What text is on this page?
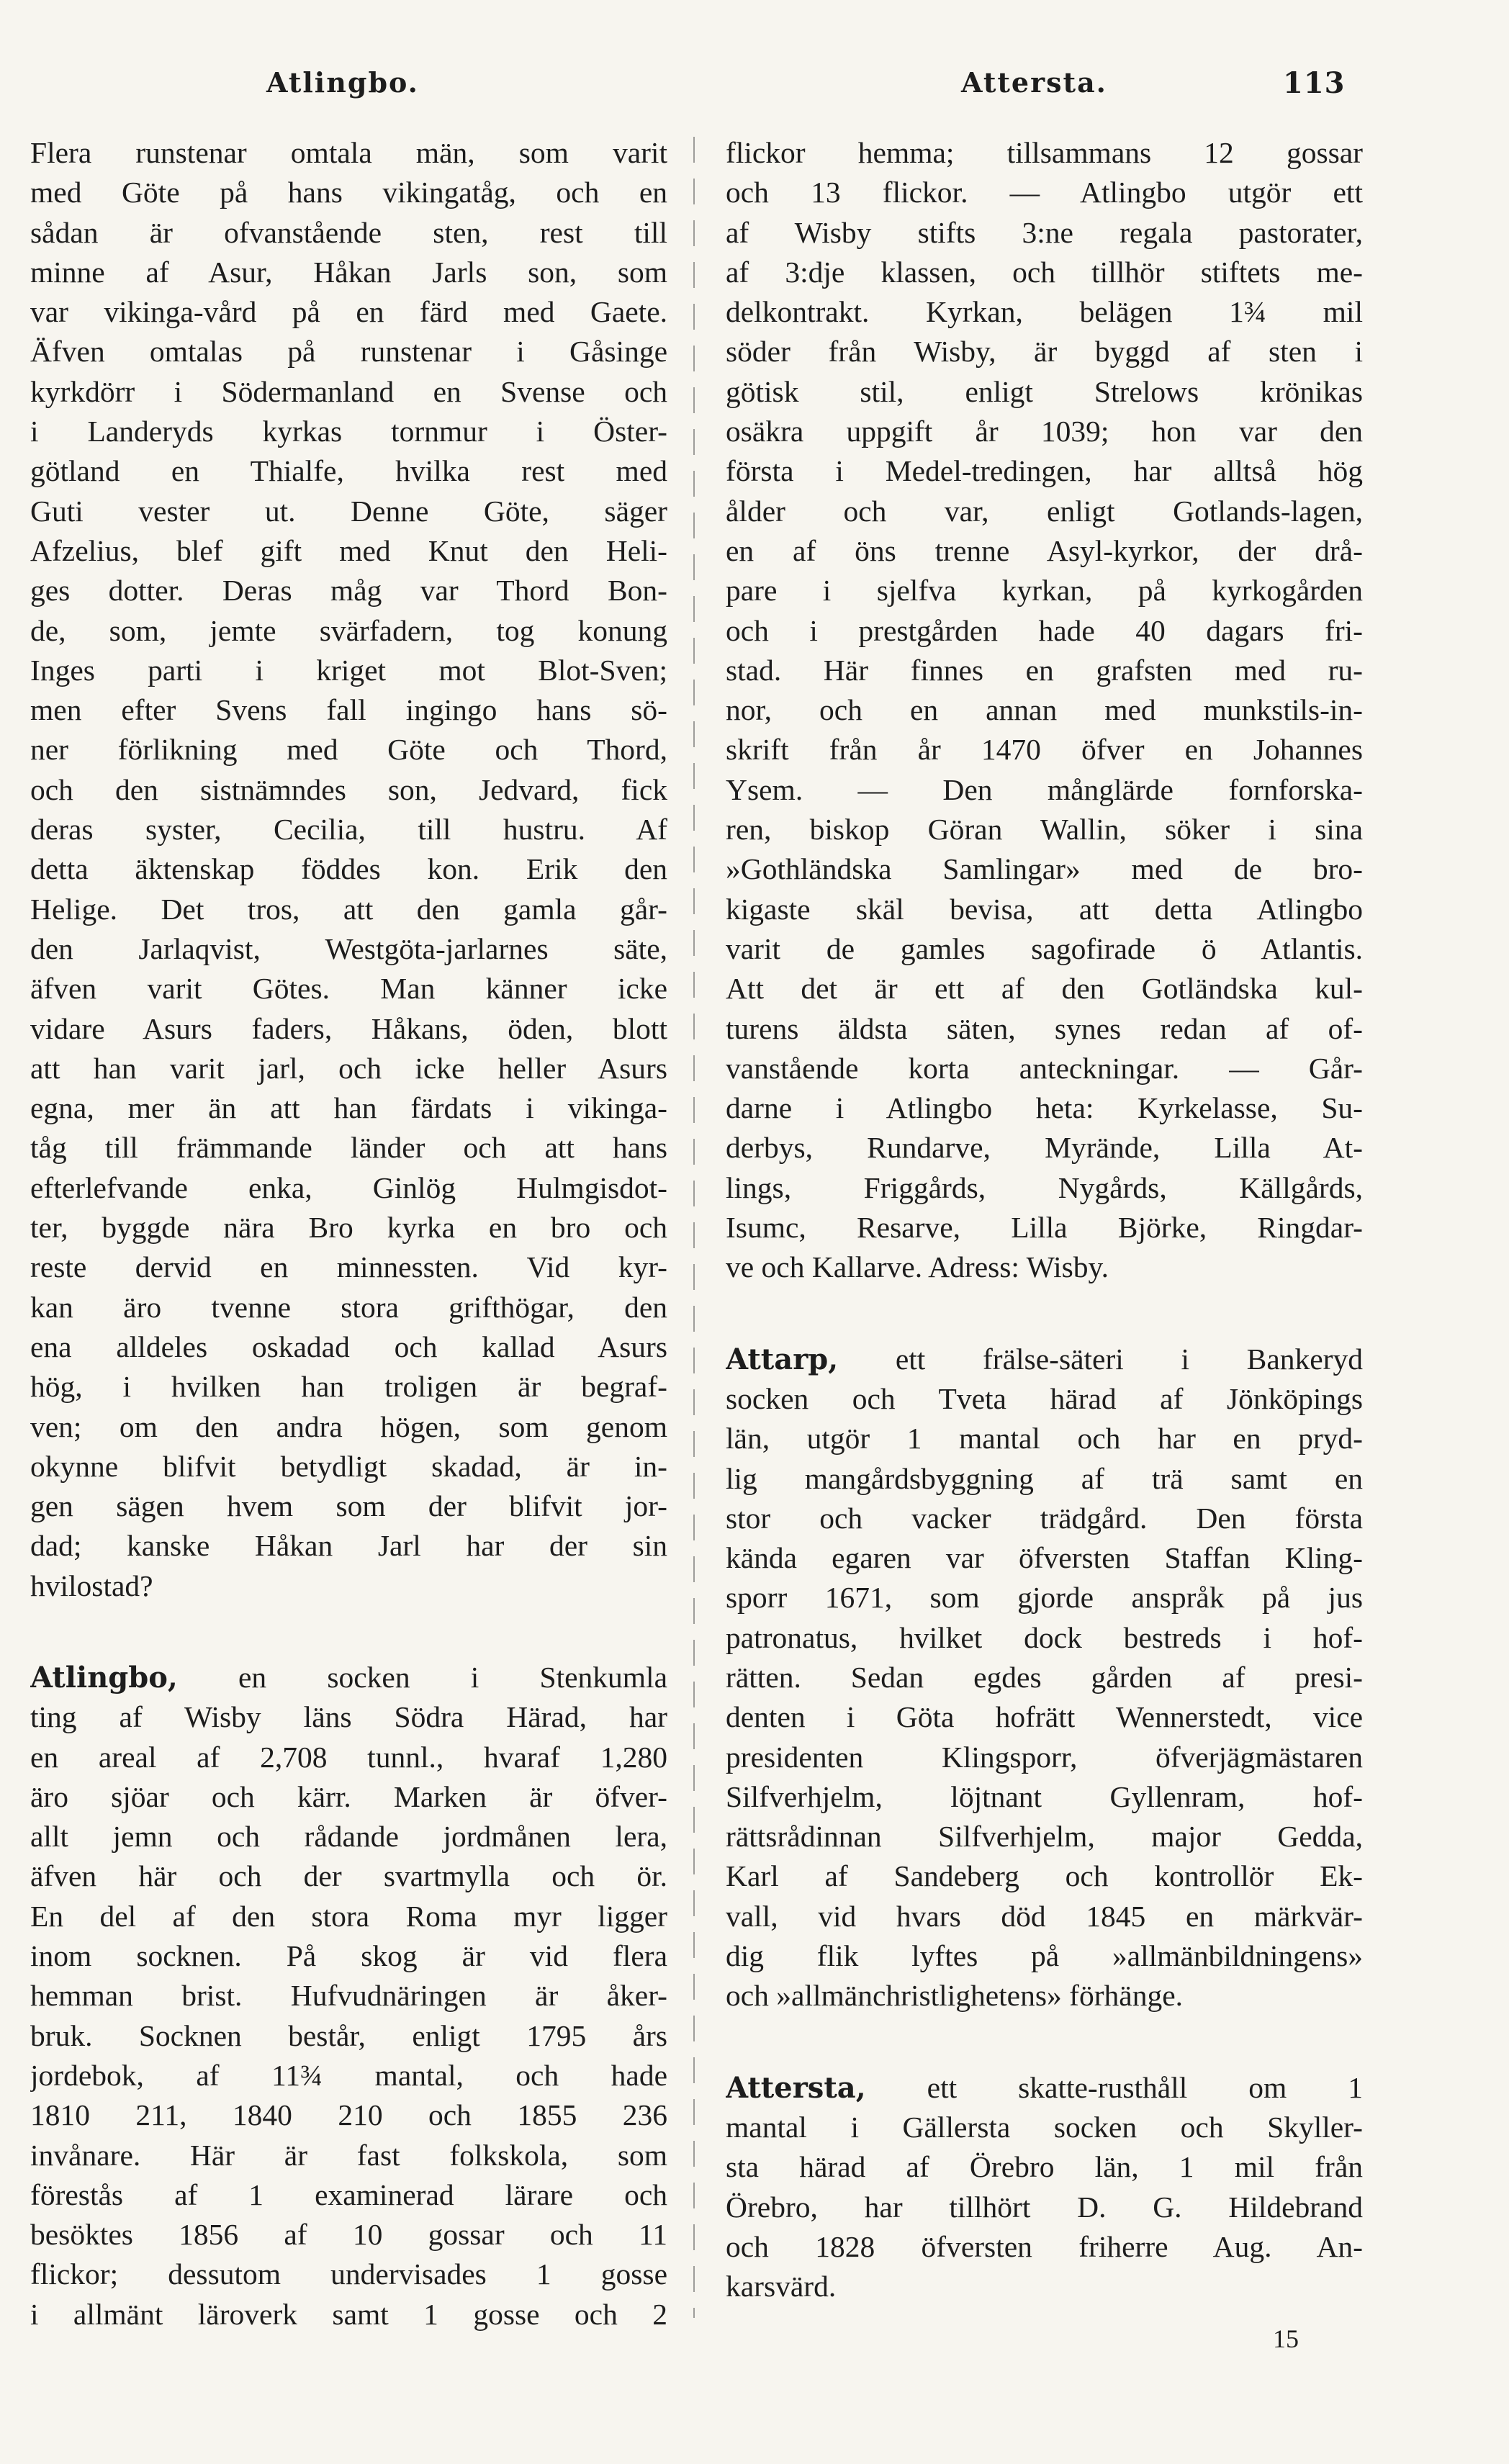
Atlingbo.	Attersta.	113
Flera runstenar omtala män, som varit
med Göte på hans vikingatåg, och en
sådan är ofvanstående sten, rest till
minne af Asur, Håkan Jarls son, som
var vikinga-vård på en färd med Gaete.
Äfven omtalas på runstenar i Gåsinge
kyrkdörr i Södermanland en Svense och
i Landeryds kyrkas tornmur i Öster-
götland en Thialfe, hvilka rest med
Guti vester ut. Denne Göte, säger
Afzelius, blef gift med Knut den Heli-
ges dotter. Deras måg var Thord Bon-
de, som, jemte svärfadern, tog konung
Inges parti i kriget mot Blot-Sven;
men efter Svens fall ingingo hans sö-
ner förlikning med Göte och Thord,
och den sistnämndes son, Jedvard, fick
deras syster, Cecilia, till hustru. Af
detta äktenskap föddes kon. Erik den
Helige. Det tros, att den gamla går-
den Jarlaqvist, Westgöta-jarlarnes säte,
äfven varit Götes. Man känner icke
vidare Asurs faders, Håkans, öden, blott
att han varit jarl, och icke heller Asurs
egna, mer än att han färdats i vikinga-
tåg till främmande länder och att hans
efterlefvande enka, Ginlög Hulmgisdot-
ter, byggde nära Bro kyrka en bro och
reste dervid en minnessten. Vid kyr-
kan äro tvenne stora grifthögar, den
ena alldeles oskadad och kallad Asurs
hög, i hvilken han troligen är begraf-
ven; om den andra högen, som genom
okynne blifvit betydligt skadad, är in-
gen sägen hvem som der blifvit jor-
dad; kanske Håkan Jarl har der sin
hvilostad?
Atlingbo, en socken i Stenkumla
ting af Wisby läns Södra Härad, har
en areal af 2,708 tunnl., hvaraf 1,280
äro sjöar och kärr. Marken är öfver-
allt jemn och rådande jordmånen lera,
äfven här och der svartmylla och ör.
En del af den stora Roma myr ligger
inom socknen. På skog är vid flera
hemman brist. Hufvudnäringen är åker-
bruk. Socknen består, enligt 1795 års
jordebok, af 11¾ mantal, och hade
1810 211, 1840 210 och 1855 236
invånare. Här är fast folkskola, som
förestås af 1 examinerad lärare och
besöktes 1856 af 10 gossar och 11
flickor; dessutom undervisades 1 gosse
i allmänt läroverk samt 1 gosse och 2
flickor hemma; tillsammans 12 gossar
och 13 flickor. — Atlingbo utgör ett
af Wisby stifts 3:ne regala pastorater,
af 3:dje klassen, och tillhör stiftets me-
delkontrakt. Kyrkan, belägen 1¾ mil
söder från Wisby, är byggd af sten i
götisk stil, enligt Strelows krönikas
osäkra uppgift år 1039; hon var den
första i Medel-tredingen, har alltså hög
ålder och var, enligt Gotlands-lagen,
en af öns trenne Asyl-kyrkor, der drå-
pare i sjelfva kyrkan, på kyrkogården
och i prestgården hade 40 dagars fri-
stad. Här finnes en grafsten med ru-
nor, och en annan med munkstils-in-
skrift från år 1470 öfver en Johannes
Ysem. — Den månglärde fornforska-
ren, biskop Göran Wallin, söker i sina
»Gothländska Samlingar» med de bro-
kigaste skäl bevisa, att detta Atlingbo
varit de gamles sagofirade ö Atlantis.
Att det är ett af den Gotländska kul-
turens äldsta säten, synes redan af of-
vanstående korta anteckningar. — Går-
darne i Atlingbo heta: Kyrkelasse, Su-
derbys, Rundarve, Myrände, Lilla At-
lings, Friggårds, Nygårds, Källgårds,
Isumc, Resarve, Lilla Björke, Ringdar-
ve och Kallarve. Adress: Wisby.
Attarp, ett frälse-säteri i Bankeryd
socken och Tveta härad af Jönköpings
län, utgör 1 mantal och har en pryd-
lig mangårdsbyggning af trä samt en
stor och vacker trädgård. Den första
kända egaren var öfversten Staffan Kling-
sporr 1671, som gjorde anspråk på jus
patronatus, hvilket dock bestreds i hof-
rätten. Sedan egdes gården af presi-
denten i Göta hofrätt Wennerstedt, vice
presidenten Klingsporr, öfverjägmästaren
Silfverhjelm, löjtnant Gyllenram, hof-
rättsrådinnan Silfverhjelm, major Gedda,
Karl af Sandeberg och kontrollör Ek-
vall, vid hvars död 1845 en märkvär-
dig flik lyftes på »allmänbildningens»
och »allmänchristlighetens» förhänge.
Attersta, ett skatte-rusthåll om 1
mantal i Gällersta socken och Skyller-
sta härad af Örebro län, 1 mil från
Örebro, har tillhört D. G. Hildebrand
och 1828 öfversten friherre Aug. An-
karsvärd.
15
